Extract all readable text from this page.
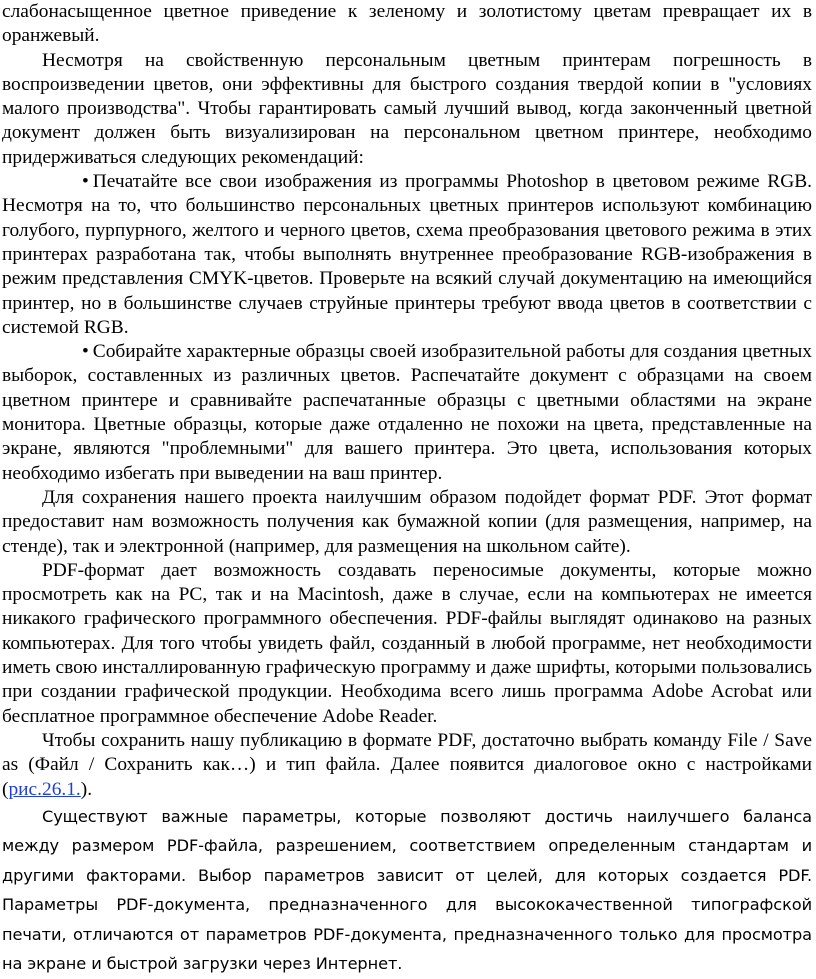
слабонасыщенное цветное приведение к зеленому и золотистому цветам превращает их в оранжевый.

Несмотря на свойственную персональным цветным принтерам погрешность в воспроизведении цветов, они эффективны для быстрого создания твердой копии в "условиях малого производства". Чтобы гарантировать самый лучший вывод, когда законченный цветной документ должен быть визуализирован на персональном цветном принтере, необходимо придерживаться следующих рекомендаций:

• Печатайте все свои изображения из программы Photoshop в цветовом режиме RGB. Несмотря на то, что большинство персональных цветных принтеров используют комбинацию голубого, пурпурного, желтого и черного цветов, схема преобразования цветового режима в этих принтерах разработана так, чтобы выполнять внутреннее преобразование RGB-изображения в режим представления CMYK-цветов. Проверьте на всякий случай документацию на имеющийся принтер, но в большинстве случаев струйные принтеры требуют ввода цветов в соответствии с системой RGB.

• Собирайте характерные образцы своей изобразительной работы для создания цветных выборок, составленных из различных цветов. Распечатайте документ с образцами на своем цветном принтере и сравнивайте распечатанные образцы с цветными областями на экране монитора. Цветные образцы, которые даже отдаленно не похожи на цвета, представленные на экране, являются "проблемными" для вашего принтера. Это цвета, использования которых необходимо избегать при выведении на ваш принтер.

Для сохранения нашего проекта наилучшим образом подойдет формат PDF. Этот формат предоставит нам возможность получения как бумажной копии (для размещения, например, на стенде), так и электронной (например, для размещения на школьном сайте).

PDF-формат дает возможность создавать переносимые документы, которые можно просмотреть как на PC, так и на Macintosh, даже в случае, если на компьютерах не имеется никакого графического программного обеспечения. PDF-файлы выглядят одинаково на разных компьютерах. Для того чтобы увидеть файл, созданный в любой программе, нет необходимости иметь свою инсталлированную графическую программу и даже шрифты, которыми пользовались при создании графической продукции. Необходима всего лишь программа Adobe Acrobat или бесплатное программное обеспечение Adobe Reader.

Чтобы сохранить нашу публикацию в формате PDF, достаточно выбрать команду File / Save as (Файл / Сохранить как…) и тип файла. Далее появится диалоговое окно с настройками (рис.26.1.).

Существуют важные параметры, которые позволяют достичь наилучшего баланса между размером PDF-файла, разрешением, соответствием определенным стандартам и другими факторами. Выбор параметров зависит от целей, для которых создается PDF. Параметры PDF-документа, предназначенного для высококачественной типографской печати, отличаются от параметров PDF-документа, предназначенного только для просмотра на экране и быстрой загрузки через Интернет.
